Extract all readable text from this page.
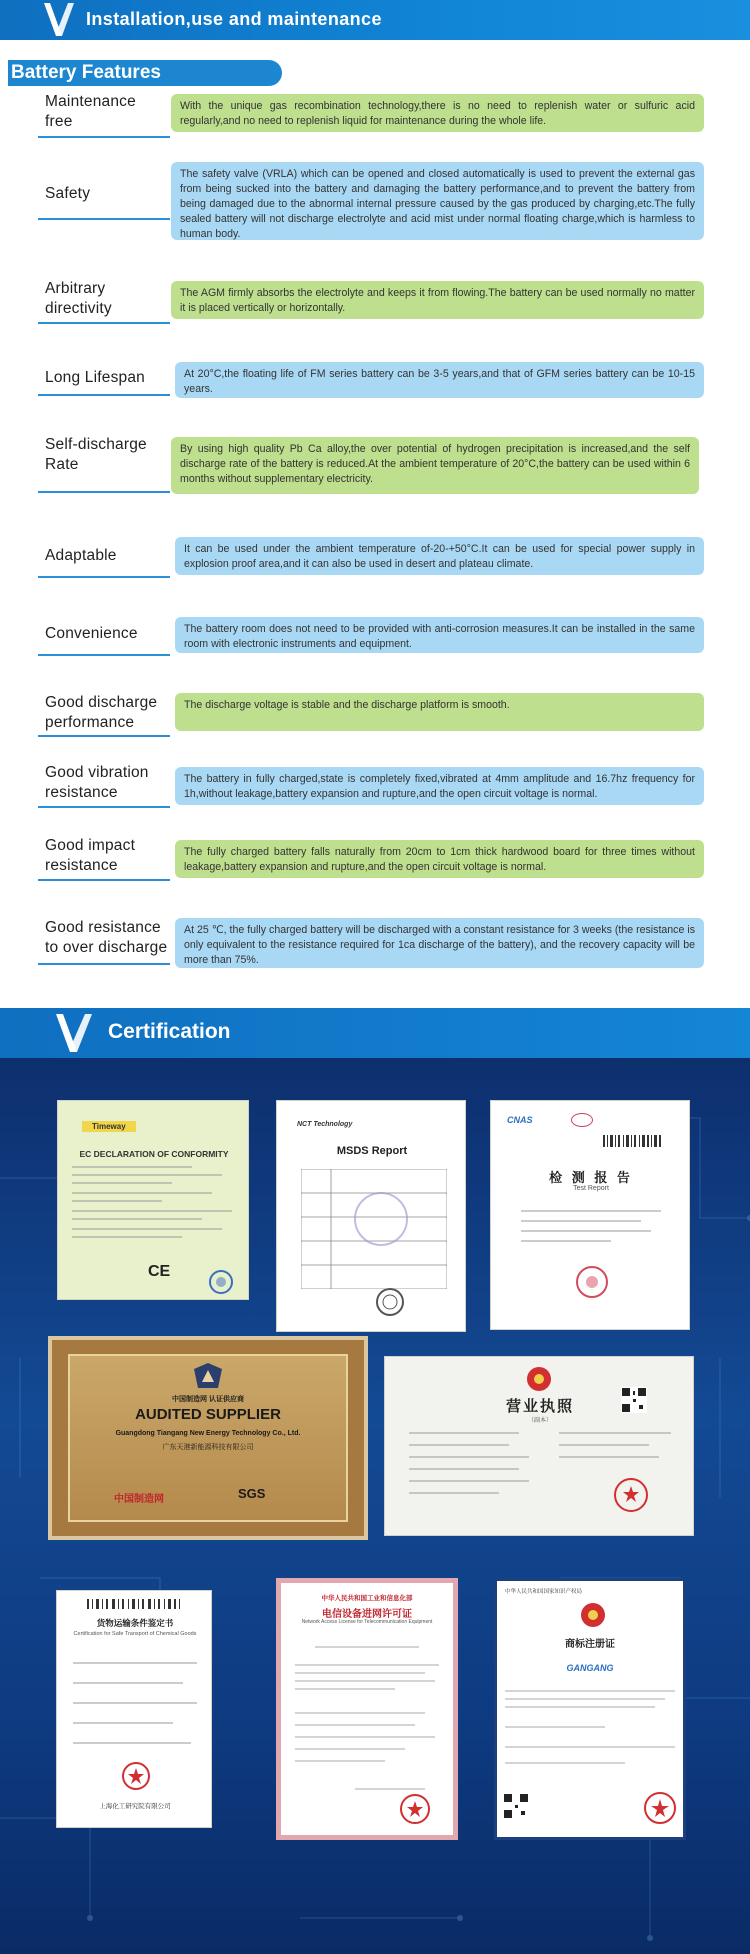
Installation,use and maintenance
Battery Features
Maintenance
free
With the unique gas recombination technology,there is no need to replenish water or sulfuric acid regularly,and no need to replenish liquid for maintenance during the whole life.
Safety
The safety valve (VRLA) which can be opened and closed automatically is used to prevent the external gas from being sucked into the battery and damaging the battery performance,and to prevent the battery from being damaged due to the abnormal internal pressure caused by the gas produced by charging,etc.The fully sealed battery will not discharge electrolyte and acid mist under normal floating charge,which is harmless to human body.
Arbitrary
directivity
The AGM firmly absorbs the electrolyte and keeps it from flowing.The battery can be used normally no matter it is placed vertically or horizontally.
Long Lifespan	At 20°C,the floating life of FM series battery can be 3-5 years,and that of GFM series battery can be 10-15 years.
Self-discharge
Rate
By using high quality Pb Ca alloy,the over potential of hydrogen precipitation is increased,and the self discharge rate of the battery is reduced.At the ambient temperature of 20°C,the battery can be used within 6 months without supplementary electricity.
Adaptable	It can be used under the ambient temperature of-20-+50°C.It can be used for special power supply in explosion proof area,and it can also be used in desert and plateau climate.
Convenience	The battery room does not need to be provided with anti-corrosion measures.It can be installed in the same room with electronic instruments and equipment.
Good discharge
performance
The discharge voltage is stable and the discharge platform is smooth.
Good vibration
resistance
The battery in fully charged,state is completely fixed,vibrated at 4mm amplitude and 16.7hz frequency for 1h,without leakage,battery expansion and rupture,and the open circuit voltage is normal.
Good impact
resistance
The fully charged battery falls naturally from 20cm to 1cm thick hardwood board for three times without leakage,battery expansion and rupture,and the open circuit voltage is normal.
Good resistance
to over discharge
At 25 ℃, the fully charged battery will be discharged with a constant resistance for 3 weeks (the resistance is only equivalent to the resistance required for 1ca discharge of the battery), and the recovery capacity will be more than 75%.
Certification
Timeway
EC DECLARATION OF CONFORMITY
CE
NCT Technology
MSDS Report
CNAS
检 测 报 告
Test Report
中国制造网 认证供应商
AUDITED SUPPLIER
Guangdong Tiangang New Energy Technology Co., Ltd.
广东天港新能源科技有限公司
中国制造网	SGS
营业执照
（副本）
货物运输条件鉴定书
Certification for Safe Transport of Chemical Goods
上海化工研究院有限公司
中华人民共和国工业和信息化部
电信设备进网许可证
Network Access License for Telecommunication Equipment
中华人民共和国国家知识产权局
商标注册证
GANGANG
